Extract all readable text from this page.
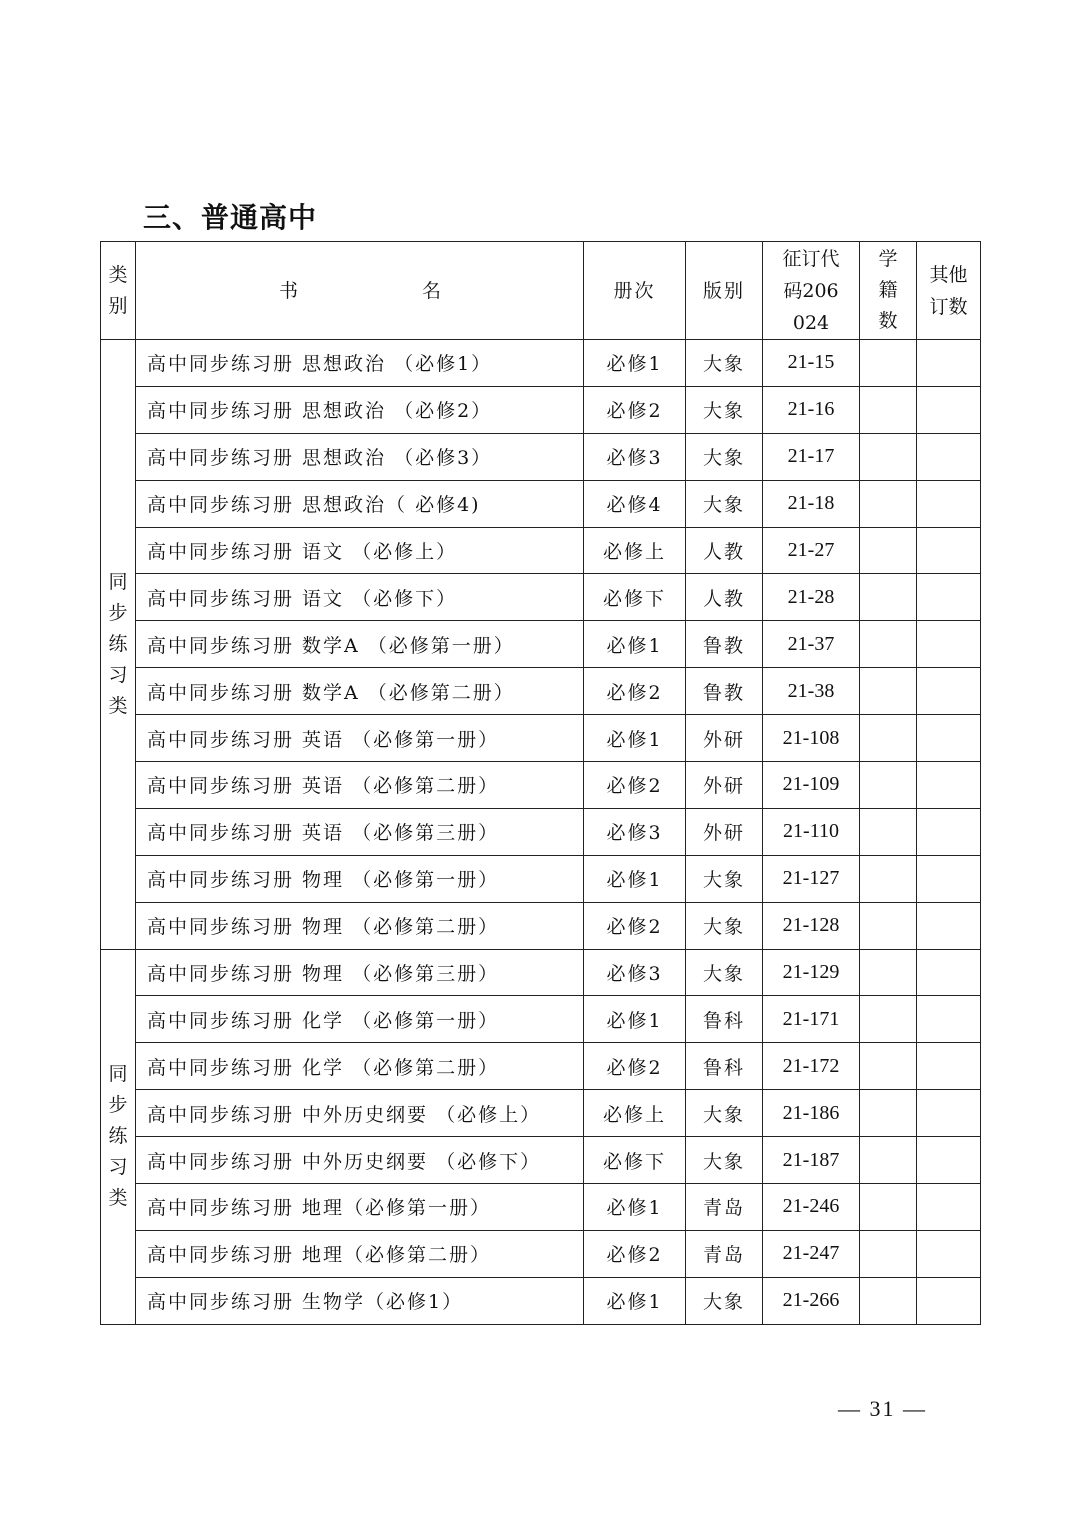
三、普通高中
类别	书 名	册次	版别	征订代码206024	学籍数	其他订数
同步练习类	高中同步练习册 思想政治 （必修1）	必修1	大象	21-15		
	高中同步练习册 思想政治 （必修2）	必修2	大象	21-16		
	高中同步练习册 思想政治 （必修3）	必修3	大象	21-17		
	高中同步练习册 思想政治（ 必修4)	必修4	大象	21-18		
	高中同步练习册 语文 （必修上）	必修上	人教	21-27		
	高中同步练习册 语文 （必修下）	必修下	人教	21-28		
	高中同步练习册 数学A （必修第一册）	必修1	鲁教	21-37		
	高中同步练习册 数学A （必修第二册）	必修2	鲁教	21-38		
	高中同步练习册 英语 （必修第一册）	必修1	外研	21-108		
	高中同步练习册 英语 （必修第二册）	必修2	外研	21-109		
	高中同步练习册 英语 （必修第三册）	必修3	外研	21-110		
	高中同步练习册 物理 （必修第一册）	必修1	大象	21-127		
	高中同步练习册 物理 （必修第二册）	必修2	大象	21-128		
同步练习类	高中同步练习册 物理 （必修第三册）	必修3	大象	21-129		
	高中同步练习册 化学 （必修第一册）	必修1	鲁科	21-171		
	高中同步练习册 化学 （必修第二册）	必修2	鲁科	21-172		
	高中同步练习册 中外历史纲要 （必修上）	必修上	大象	21-186		
	高中同步练习册 中外历史纲要 （必修下）	必修下	大象	21-187		
	高中同步练习册 地理（必修第一册）	必修1	青岛	21-246		
	高中同步练习册 地理（必修第二册）	必修2	青岛	21-247		
	高中同步练习册 生物学（必修1）	必修1	大象	21-266		
— 31 —
